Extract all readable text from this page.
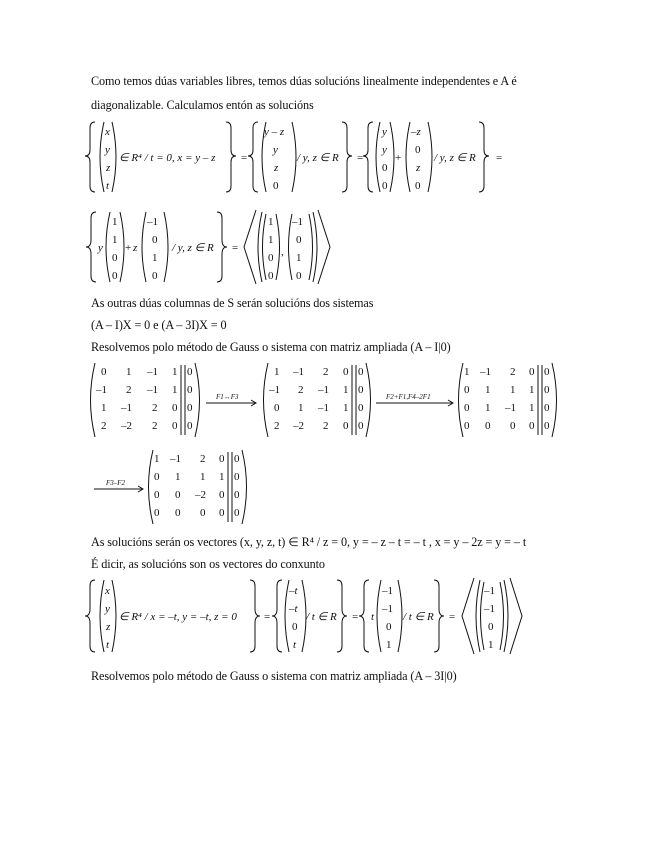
Como temos dúas variables libres, temos dúas solucións linealmente independentes e A é
diagonalizable. Calculamos entón as solucións
As outras dúas columnas de S serán solucións dos sistemas
(A – I)X = 0 e (A – 3I)X = 0
Resolvemos polo método de Gauss o sistema con matriz ampliada (A – I|0)
As solucións serán os vectores (x, y, z, t) ∈ R⁴ / z = 0, y = – z – t = – t , x = y – 2z = y = – t
É dicir, as solucións son os vectores do conxunto
Resolvemos polo método de Gauss o sistema con matriz ampliada (A – 3I|0)
x
y
z
t
∈ R⁴ / t = 0, x = y – z =
y – z
y
z
0
/ y, z ∈ R =
y
y
0
0
+
–z
0
z
0
/ y, z ∈ R =
y
1
1
0
0
+ z
–1
0
1
0
/ y, z ∈ R =
1
1
0
0
,
–1
0
1
0
0 1 –1 1 0
–1 2 –1 1 0
1 –1 2 0 0
2 –2 2 0 0
F1↔F3
1 –1 2 0 0
–1 2 –1 1 0
0 1 –1 1 0
2 –2 2 0 0
F2+F1,F4–2F1
1 –1 2 0 0
0 1 1 1 0
0 1 –1 1 0
0 0 0 0 0
F3–F2
1 –1 2 0 0
0 1 1 1 0
0 0 –2 0 0
0 0 0 0 0
x
y
z
t
∈ R⁴ / x = –t, y = –t, z = 0 =
–t
–t
0
t
/ t ∈ R = t
–1
–1
0
1
/ t ∈ R =
–1
–1
0
1
